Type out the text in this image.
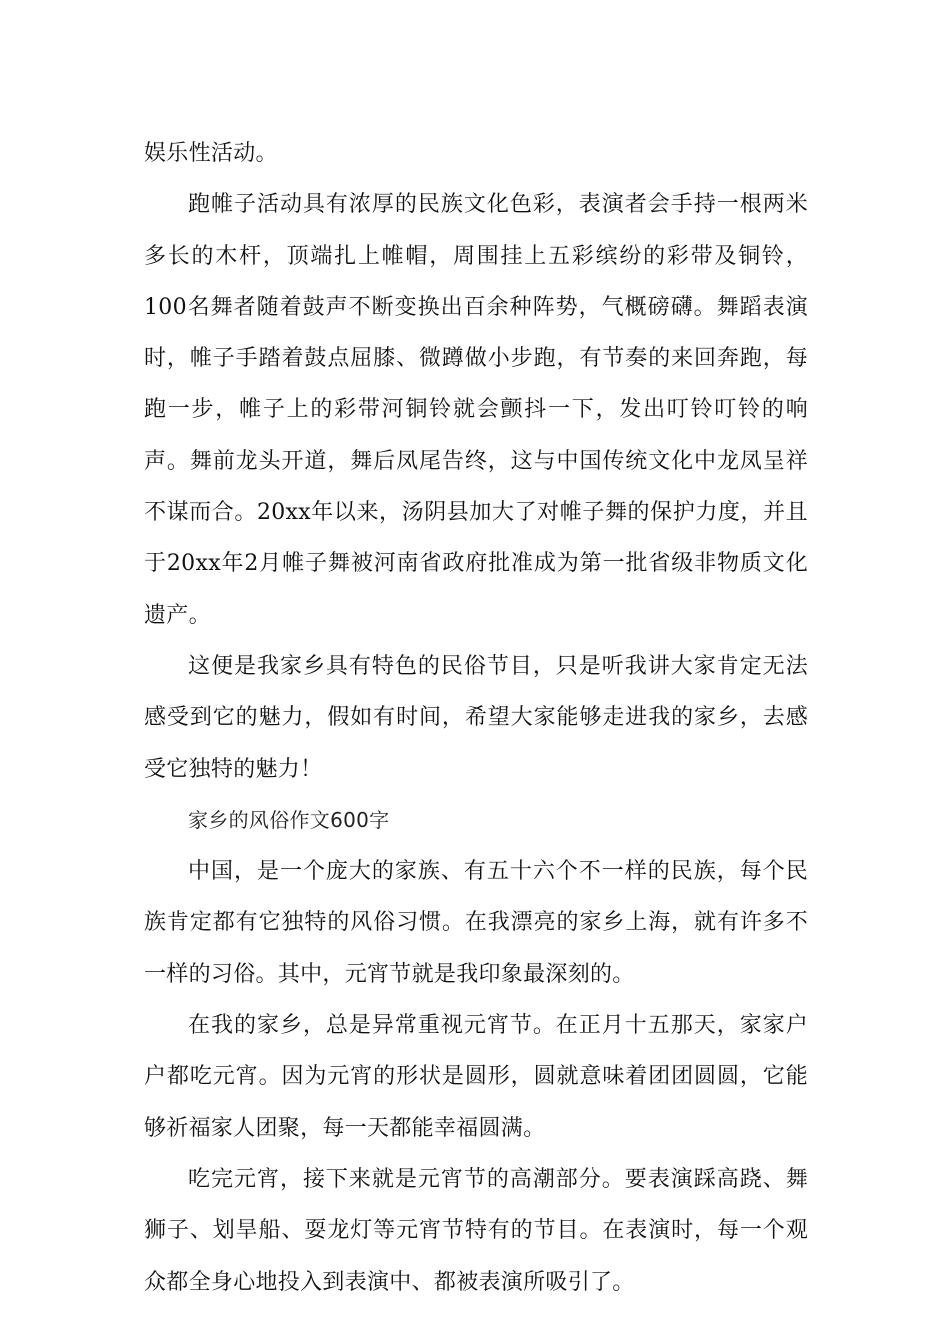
娱乐性活动。

跑帷子活动具有浓厚的民族文化色彩，表演者会手持一根两米多长的木杆，顶端扎上帷帽，周围挂上五彩缤纷的彩带及铜铃，100名舞者随着鼓声不断变换出百余种阵势，气概磅礴。舞蹈表演时，帷子手踏着鼓点屈膝、微蹲做小步跑，有节奏的来回奔跑，每跑一步，帷子上的彩带河铜铃就会颤抖一下，发出叮铃叮铃的响声。舞前龙头开道，舞后凤尾告终，这与中国传统文化中龙凤呈祥不谋而合。20xx年以来，汤阴县加大了对帷子舞的保护力度，并且于20xx年2月帷子舞被河南省政府批准成为第一批省级非物质文化遗产。

这便是我家乡具有特色的民俗节目，只是听我讲大家肯定无法感受到它的魅力，假如有时间，希望大家能够走进我的家乡，去感受它独特的魅力！

家乡的风俗作文600字

中国，是一个庞大的家族、有五十六个不一样的民族，每个民族肯定都有它独特的风俗习惯。在我漂亮的家乡上海，就有许多不一样的习俗。其中，元宵节就是我印象最深刻的。

在我的家乡，总是异常重视元宵节。在正月十五那天，家家户户都吃元宵。因为元宵的形状是圆形，圆就意味着团团圆圆，它能够祈福家人团聚，每一天都能幸福圆满。

吃完元宵，接下来就是元宵节的高潮部分。要表演踩高跷、舞狮子、划旱船、耍龙灯等元宵节特有的节目。在表演时，每一个观众都全身心地投入到表演中、都被表演所吸引了。
